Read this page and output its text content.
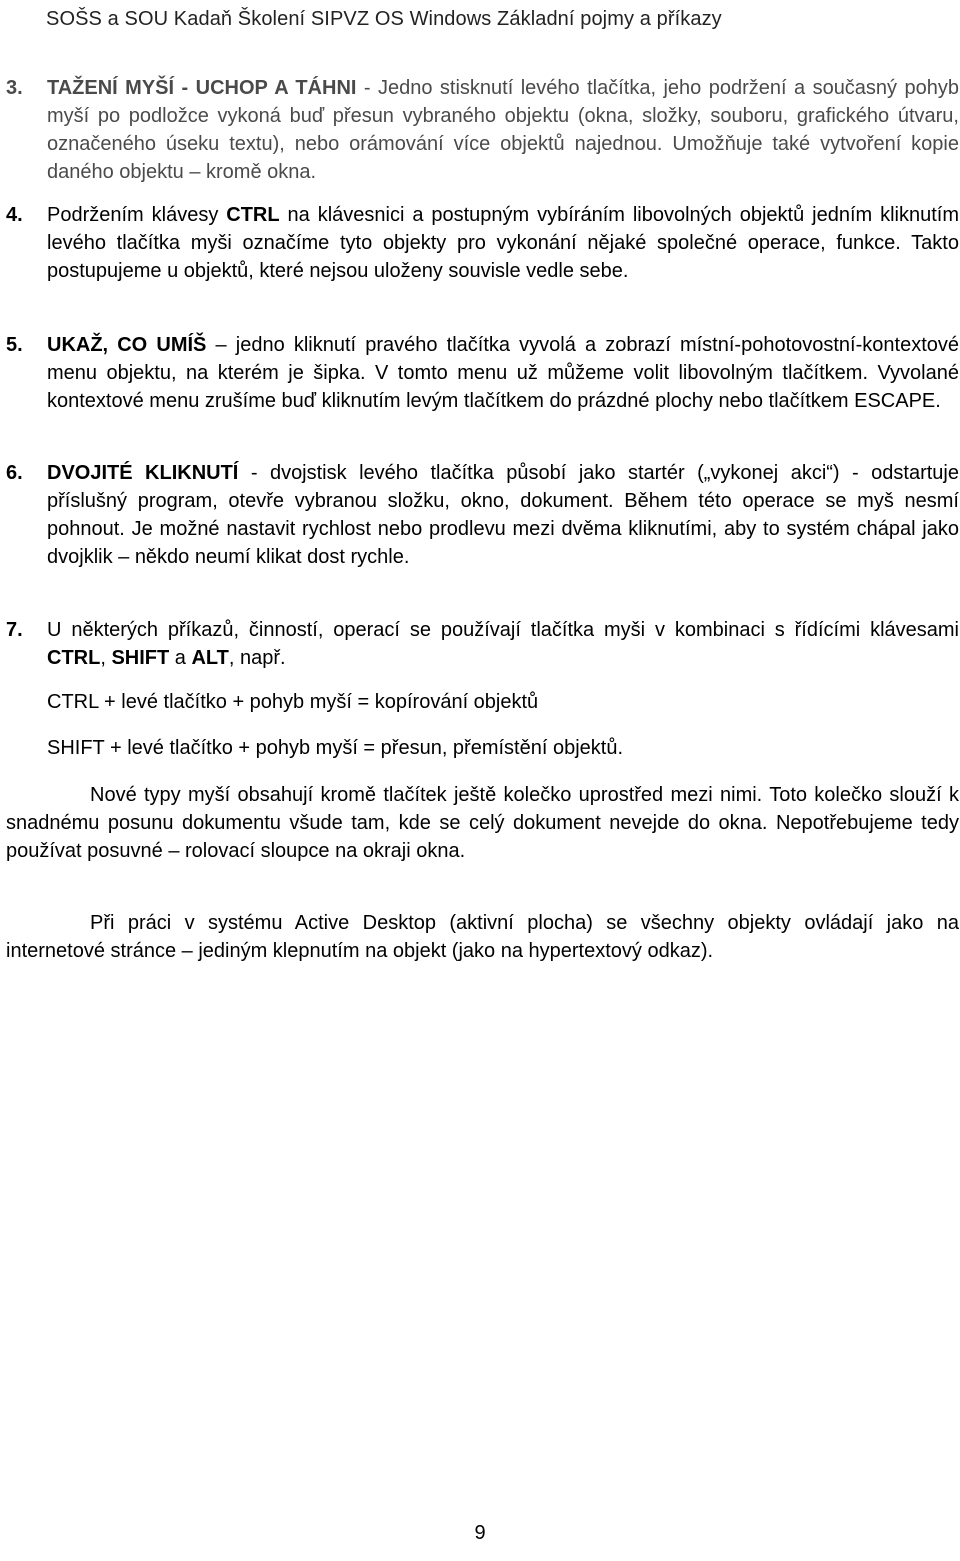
SOŠS a SOU Kadaň Školení SIPVZ OS Windows Základní pojmy a příkazy
3. TAŽENÍ MYŠÍ - UCHOP A TÁHNI - Jedno stisknutí levého tlačítka, jeho podržení a současný pohyb myší po podložce vykoná buď přesun vybraného objektu (okna, složky, souboru, grafického útvaru, označeného úseku textu), nebo orámování více objektů najednou. Umožňuje také vytvoření kopie daného objektu – kromě okna.
4. Podržením klávesy CTRL na klávesnici a postupným vybíráním libovolných objektů jedním kliknutím levého tlačítka myši označíme tyto objekty pro vykonání nějaké společné operace, funkce. Takto postupujeme u objektů, které nejsou uloženy souvisle vedle sebe.
5. UKAŽ, CO UMÍŠ – jedno kliknutí pravého tlačítka vyvolá a zobrazí místní-pohotovostní-kontextové menu objektu, na kterém je šipka. V tomto menu už můžeme volit libovolným tlačítkem. Vyvolané kontextové menu zrušíme buď kliknutím levým tlačítkem do prázdné plochy nebo tlačítkem ESCAPE.
6. DVOJITÉ KLIKNUTÍ - dvojstisk levého tlačítka působí jako startér („vykonej akci“) - odstartuje příslušný program, otevře vybranou složku, okno, dokument. Během této operace se myš nesmí pohnout. Je možné nastavit rychlost nebo prodlevu mezi dvěma kliknutími, aby to systém chápal jako dvojklik – někdo neumí klikat dost rychle.
7. U některých příkazů, činností, operací se používají tlačítka myši v kombinaci s řídícími klávesami CTRL, SHIFT a ALT, např.
CTRL + levé tlačítko + pohyb myší = kopírování objektů
SHIFT + levé tlačítko + pohyb myší = přesun, přemístění objektů.
Nové typy myší obsahují kromě tlačítek ještě kolečko uprostřed mezi nimi. Toto kolečko slouží k snadnému posunu dokumentu všude tam, kde se celý dokument nevejde do okna. Nepotřebujeme tedy používat posuvné – rolovací sloupce na okraji okna.
Při práci v systému Active Desktop (aktivní plocha) se všechny objekty ovládají jako na internetové stránce – jediným klepnutím na objekt (jako na hypertextový odkaz).
9
